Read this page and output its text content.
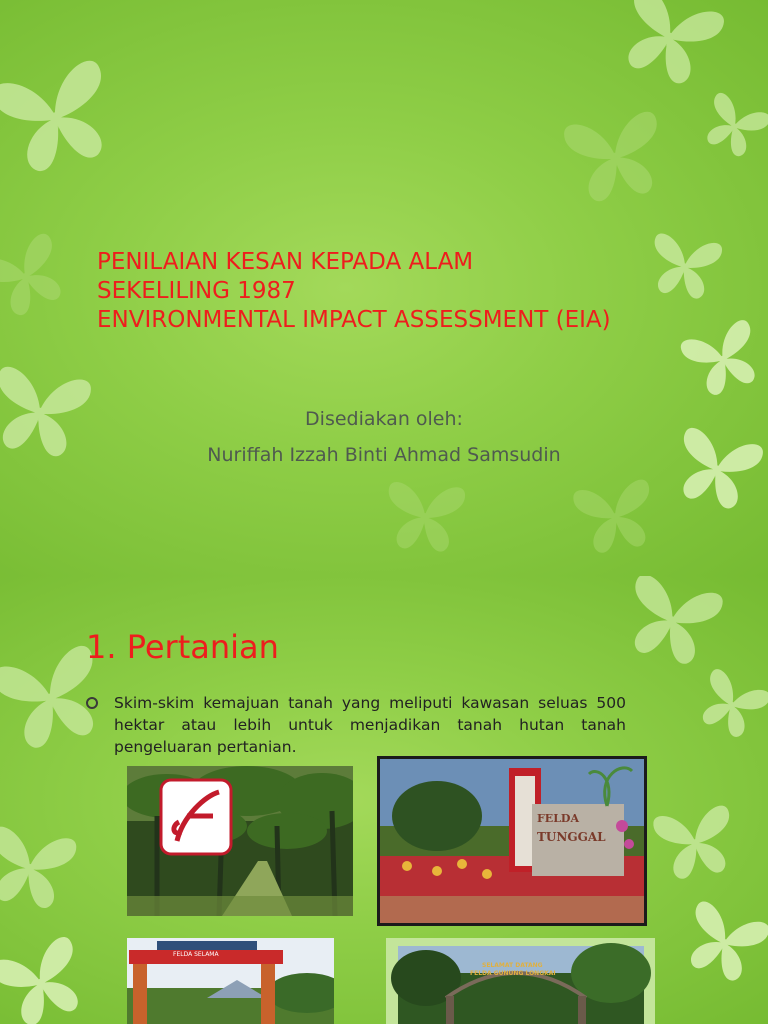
PENILAIAN KESAN KEPADA ALAM
SEKELILING 1987
ENVIRONMENTAL IMPACT ASSESSMENT (EIA)
Disediakan oleh:
Nuriffah Izzah Binti Ahmad Samsudin
1. Pertanian

Skim-skim kemajuan tanah yang meliputi kawasan seluas 500 hektar atau lebih untuk menjadikan tanah hutan tanah pengeluaran pertanian.

FELDA
TUNGGAL
FELDA SELAMA
SELAMAT DATANG
FELDA GUNUNG LONGKAI
